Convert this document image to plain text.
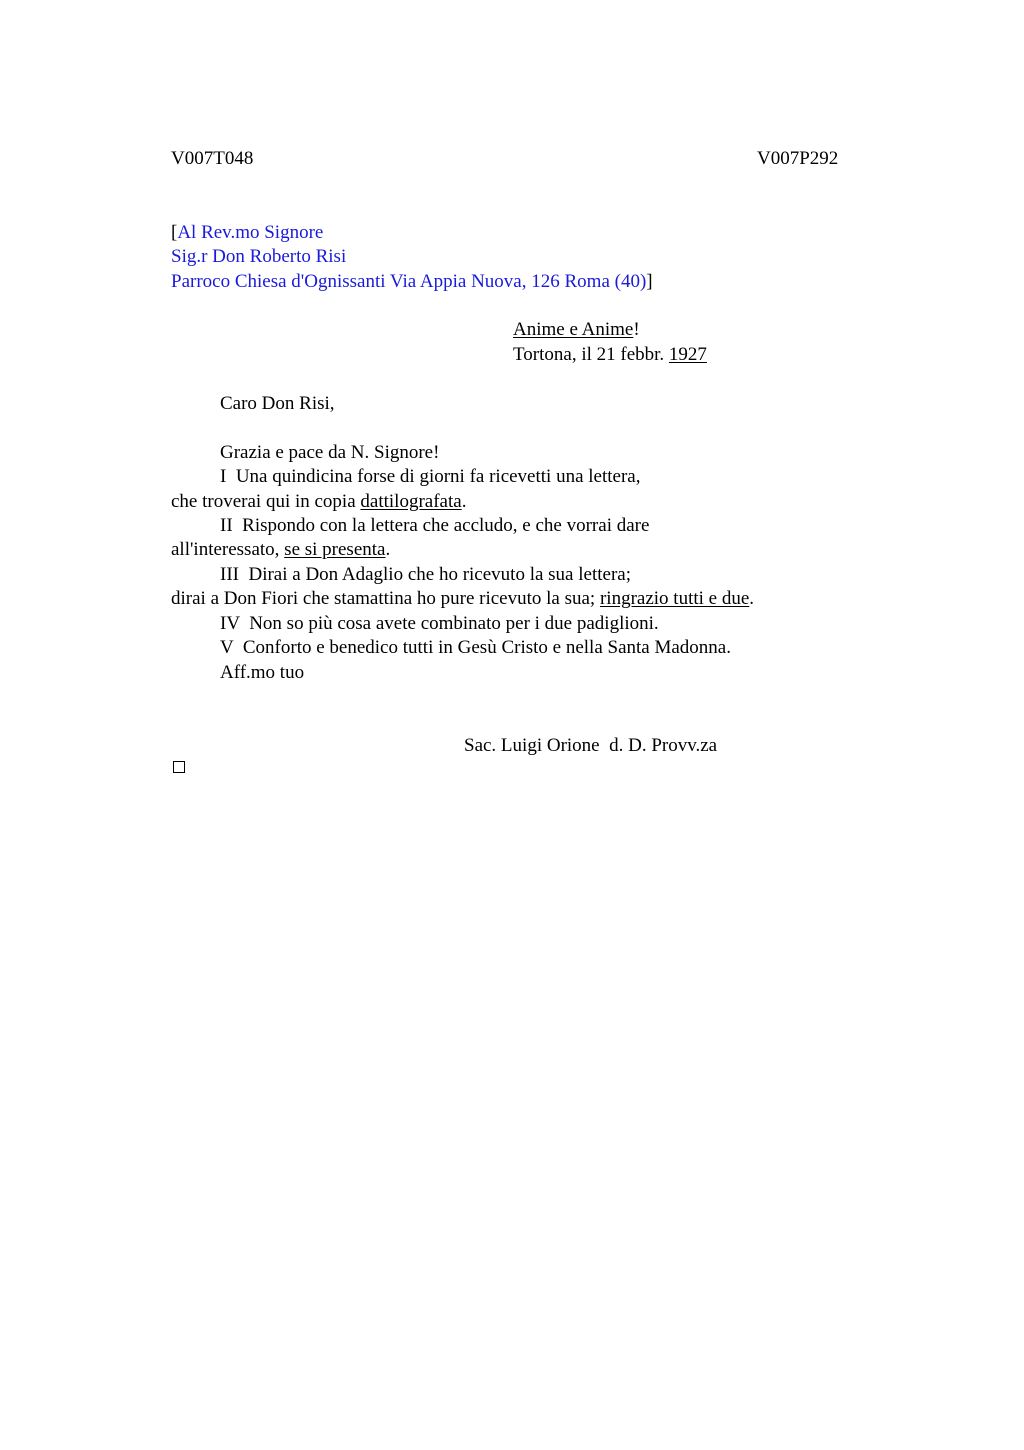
V007T048	V007P292
[Al Rev.mo Signore
Sig.r Don Roberto Risi
Parroco Chiesa d'Ognissanti Via Appia Nuova, 126 Roma (40)]
Anime e Anime!
Tortona, il 21 febbr. 1927
Caro Don Risi,
Grazia e pace da N. Signore!
I  Una quindicina forse di giorni fa ricevetti una lettera,
che troverai qui in copia dattilografata.
II  Rispondo con la lettera che accludo, e che vorrai dare
all'interessato, se si presenta.
III  Dirai a Don Adaglio che ho ricevuto la sua lettera;
dirai a Don Fiori che stamattina ho pure ricevuto la sua; ringrazio tutti e due.
IV  Non so più cosa avete combinato per i due padiglioni.
V  Conforto e benedico tutti in Gesù Cristo e nella Santa Madonna.
Aff.mo tuo
Sac. Luigi Orione  d. D. Provv.za
